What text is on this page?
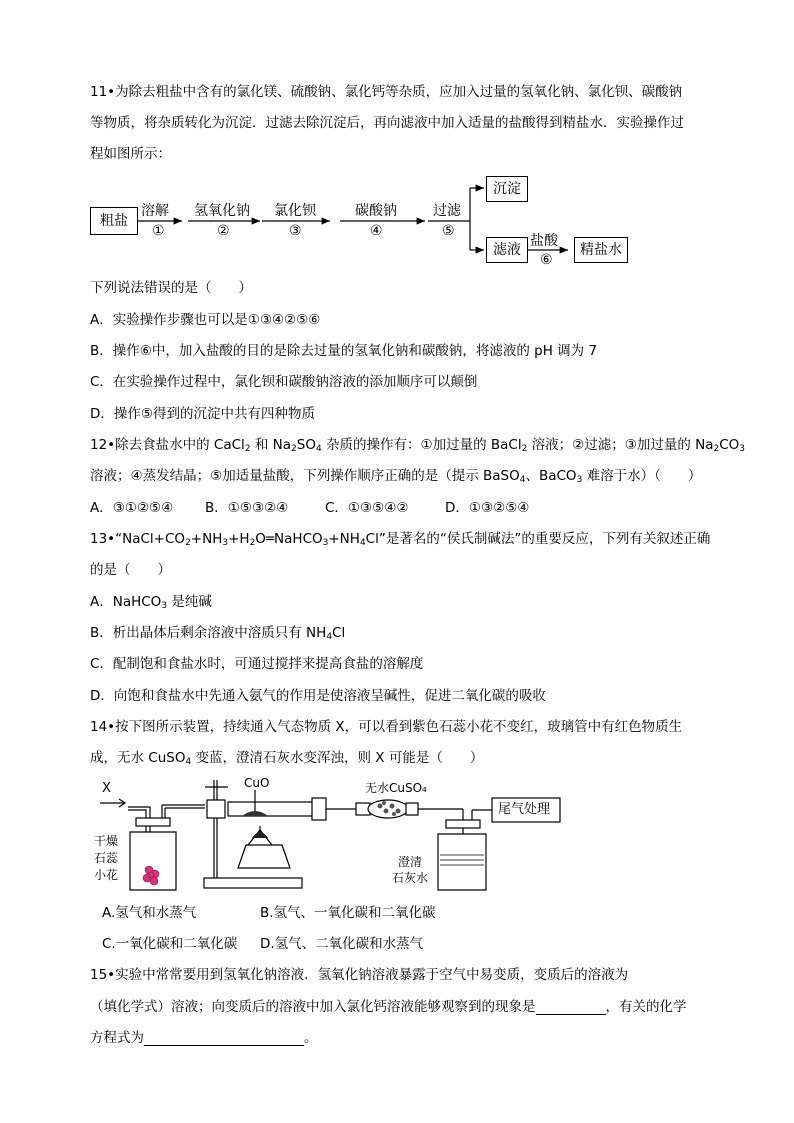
11•为除去粗盐中含有的氯化镁、硫酸钠、氯化钙等杂质，应加入过量的氢氧化钠、氯化钡、碳酸钠
等物质，将杂质转化为沉淀．过滤去除沉淀后，再向滤液中加入适量的盐酸得到精盐水．实验操作过
程如图所示：
粗盐
溶解
①
氢氧化钠
②
氯化钡
③
碳酸钠
④
过滤
⑤
沉淀
滤液
盐酸
⑥
精盐水
下列说法错误的是（　　）
A．实验操作步骤也可以是①③④②⑤⑥
B．操作⑥中，加入盐酸的目的是除去过量的氢氧化钠和碳酸钠，将滤液的 pH 调为 7
C．在实验操作过程中，氯化钡和碳酸钠溶液的添加顺序可以颠倒
D．操作⑤得到的沉淀中共有四种物质
12•除去食盐水中的 CaCl$_2$ 和 $Na_2SO_4$ 杂质的操作有：①加过量的 BaCl$_2$ 溶液；②过滤；③加过量的 $Na_2CO_3$
溶液；④蒸发结晶；⑤加适量盐酸，下列操作顺序正确的是（提示 BaSO$_4$、BaCO$_3$ 难溶于水）（　　）
A．③①②⑤④ B．①⑤③②④	C．①③⑤④②	D．①③②⑤④
$13•“NaCl+CO_2+NH_3+H_2O═NaHCO_3+NH_4Cl$”是著名的“侯氏制碱法”的重要反应，下列有关叙述正确
的是（　　）
A．NaHCO$_3$ 是纯碱
B．析出晶体后剩余溶液中溶质只有 $NH_4Cl$
C．配制饱和食盐水时，可通过搅拌来提高食盐的溶解度
D．向饱和食盐水中先通入氨气的作用是使溶液呈碱性，促进二氧化碳的吸收
14•按下图所示装置，持续通入气态物质 X，可以看到紫色石蕊小花不变红，玻璃管中有红色物质生
成，无水 CuSO$_4$ 变蓝，澄清石灰水变浑浊，则 X 可能是（　　）
X	CuO	无水CuSO₄
尾气处理
干燥
石蕊
小花
澄清
石灰水
A.氢气和水蒸气	B.氢气、一氧化碳和二氧化碳
C.一氧化碳和二氧化碳 D.氢气、二氧化碳和水蒸气
15•实验中常常要用到氢氧化钠溶液．氢氧化钠溶液暴露于空气中易变质，变质后的溶液为
（填化学式）溶液；向变质后的溶液中加入氯化钙溶液能够观察到的现象是	，有关的化学
方程式为	。
